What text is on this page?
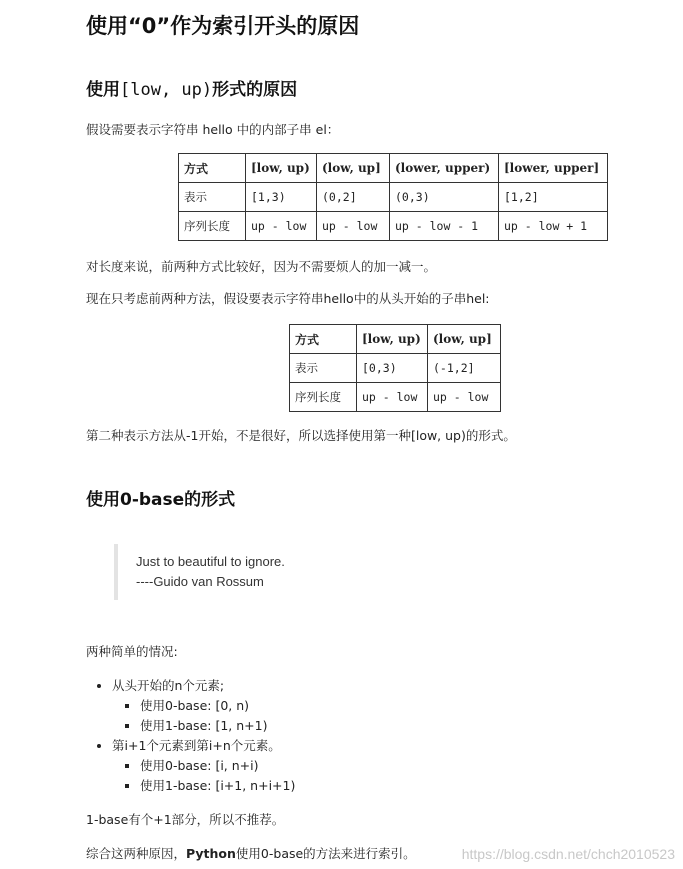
使用“0”作为索引开头的原因
使用[low, up)形式的原因

假设需要表示字符串 hello 中的内部子串 el：

方式	[low, up)	(low, up]	(lower, upper)	[lower, upper]
表示	[1,3)	(0,2]	(0,3)	[1,2]
序列长度	up - low	up - low	up - low - 1	up - low + 1

对长度来说，前两种方式比较好，因为不需要烦人的加一减一。

现在只考虑前两种方法，假设要表示字符串hello中的从头开始的子串hel:

方式	[low, up)	(low, up]
表示	[0,3)	(-1,2]
序列长度	up - low	up - low

第二种表示方法从-1开始，不是很好，所以选择使用第一种[low, up)的形式。

使用0-base的形式
Just to beautiful to ignore.
----Guido van Rossum

两种简单的情况:

• 从头开始的n个元素;
▪ 使用0-base: [0, n)
▪ 使用1-base: [1, n+1)
• 第i+1个元素到第i+n个元素。
▪ 使用0-base: [i, n+i)
▪ 使用1-base: [i+1, n+i+1)

1-base有个+1部分，所以不推荐。

综合这两种原因，Python使用0-base的方法来进行索引。	https://blog.csdn.net/chch2010523
